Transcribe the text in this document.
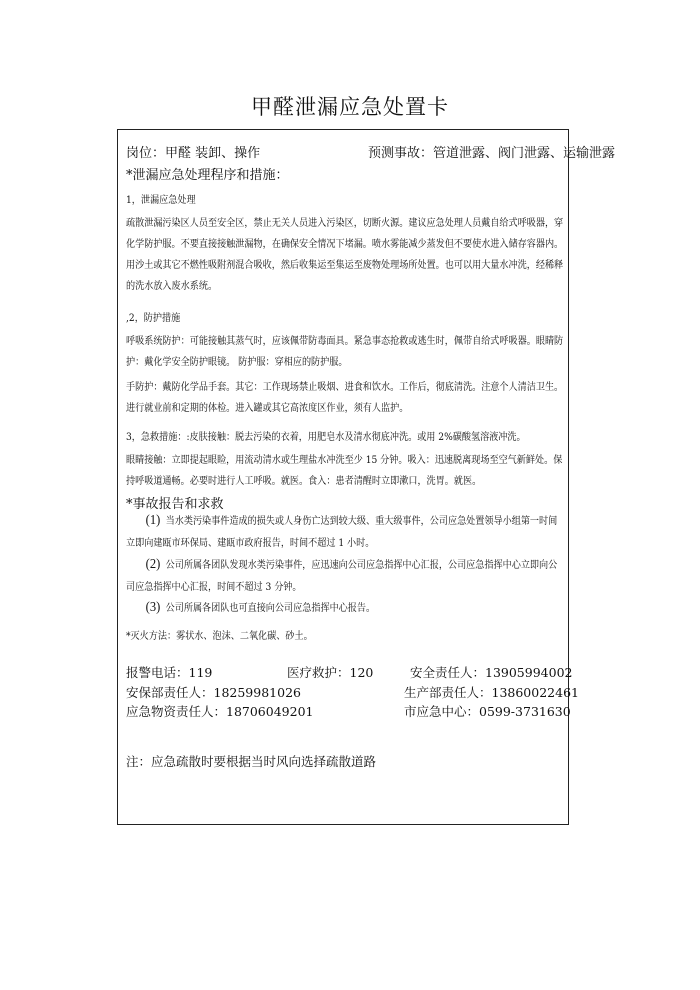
甲醛泄漏应急处置卡
岗位：甲醛 装卸、操作	预测事故：管道泄露、阀门泄露、运输泄露
*泄漏应急处理程序和措施：
1，泄漏应急处理
疏散泄漏污染区人员至安全区，禁止无关人员进入污染区，切断火源。建议应急处理人员戴自给式呼吸器，穿化学防护服。不要直接接触泄漏物，在确保安全情况下堵漏。喷水雾能减少蒸发但不要使水进入储存容器内。用沙土或其它不燃性吸附剂混合吸收，然后收集运至集运至废物处理场所处置。也可以用大量水冲洗，经稀释的洗水放入废水系统。
,2，防护措施
呼吸系统防护：可能接触其蒸气时，应该佩带防毒面具。紧急事态抢救或逃生时，佩带自给式呼吸器。眼睛防护：戴化学安全防护眼镜。 防护服：穿相应的防护服。
手防护：戴防化学品手套。其它：工作现场禁止吸烟、进食和饮水。工作后，彻底清洗。注意个人清洁卫生。进行就业前和定期的体检。进入罐或其它高浓度区作业，须有人监护。
3，急救措施：:皮肤接触：脱去污染的衣着，用肥皂水及清水彻底冲洗。或用 2%碳酸氢溶液冲洗。
眼睛接触：立即提起眼睑，用流动清水或生理盐水冲洗至少 15 分钟。吸入：迅速脱离现场至空气新鲜处。保持呼吸道通畅。必要时进行人工呼吸。就医。食入：患者清醒时立即漱口，洗胃。就医。
*事故报告和求救
(1) 当水类污染事件造成的损失或人身伤亡达到较大级、重大级事件，公司应急处置领导小组第一时间立即向建瓯市环保局、建瓯市政府报告，时间不超过 1 小时。
(2) 公司所属各团队发现水类污染事件，应迅速向公司应急指挥中心汇报，公司应急指挥中心立即向公司应急指挥中心汇报，时间不超过 3 分钟。
(3) 公司所属各团队也可直接向公司应急指挥中心报告。
*灭火方法：雾状水、泡沫、二氧化碳、砂土。
报警电话：119	医疗救护：120	安全责任人：13905994002
安保部责任人：18259981026	生产部责任人：13860022461
应急物资责任人：18706049201	市应急中心：0599-3731630
注：应急疏散时要根据当时风向选择疏散道路
